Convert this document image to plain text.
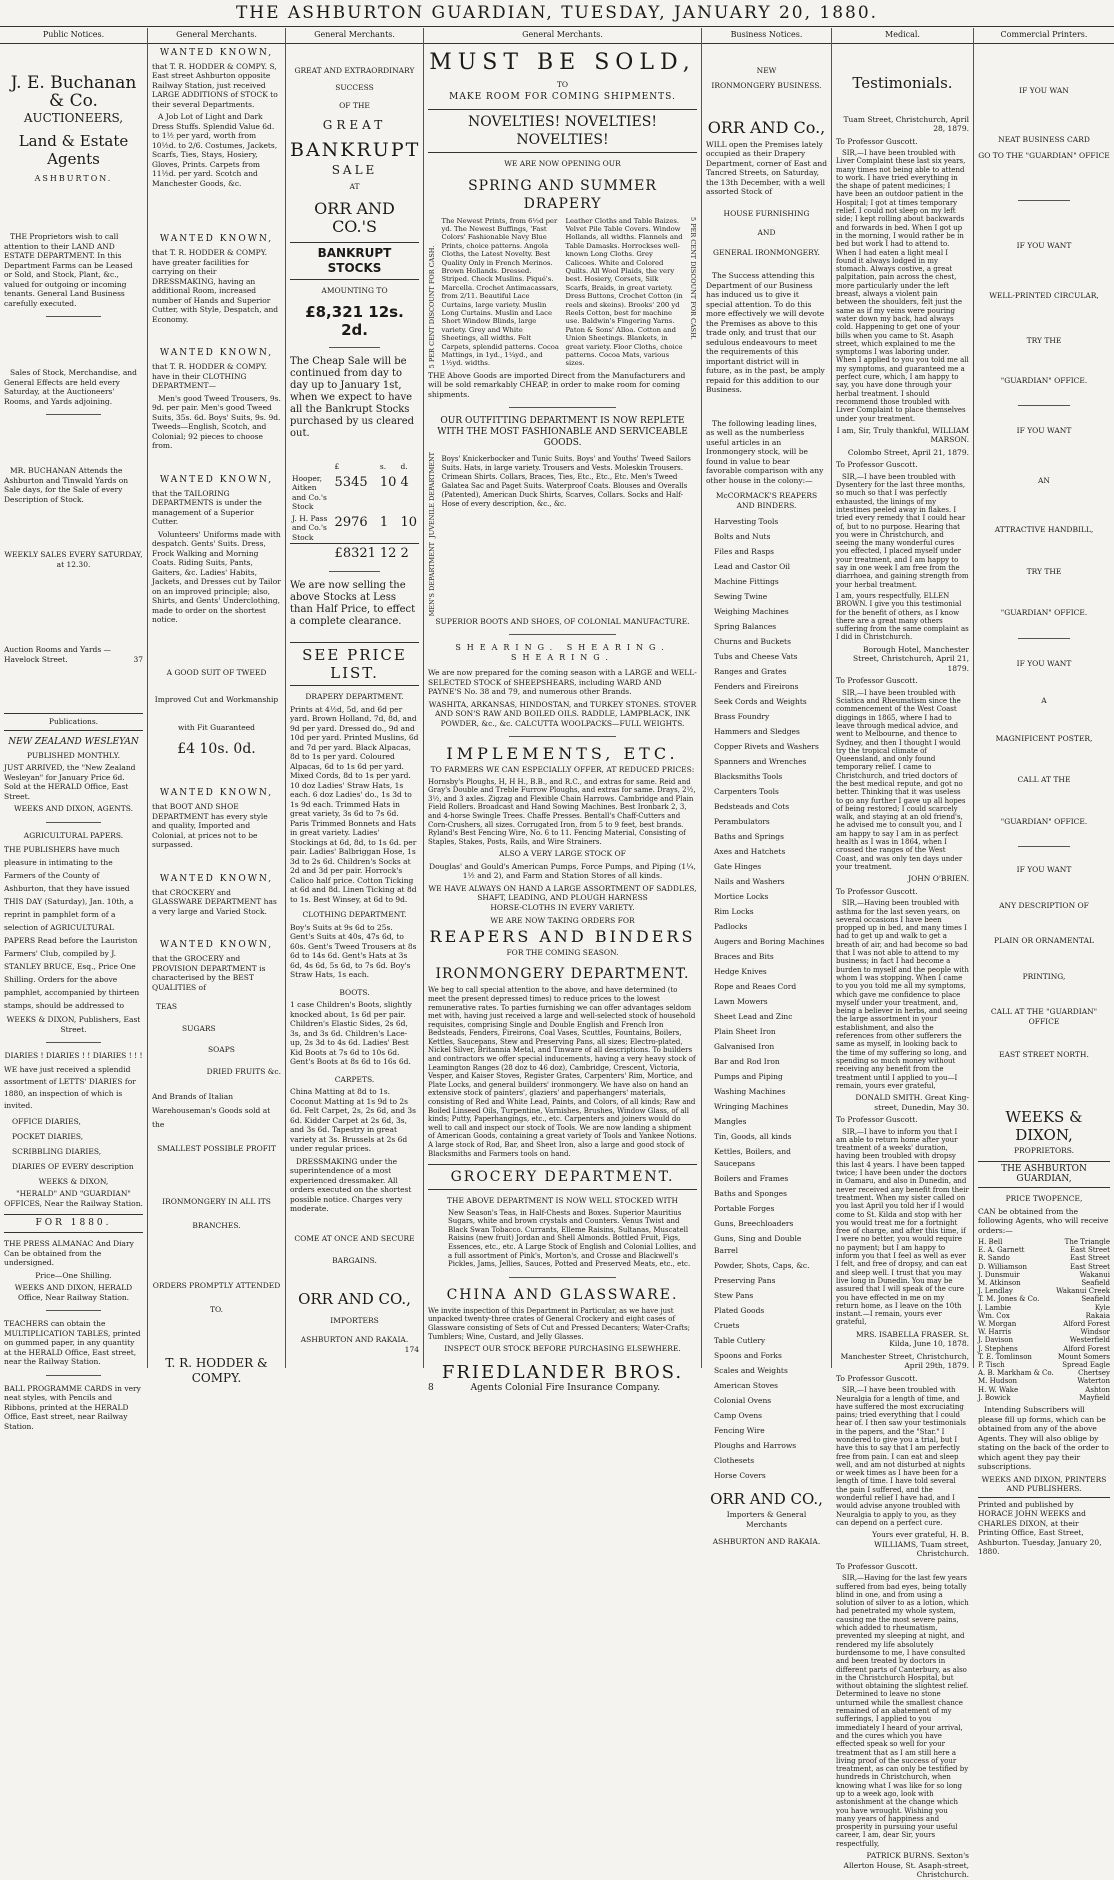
THE ASHBURTON GUARDIAN, TUESDAY, JANUARY 20, 1880.
Public Notices.
J. E. Buchanan & Co.
AUCTIONEERS,
Land & Estate Agents
ASHBURTON.

THE Proprietors wish to call attention to their LAND AND ESTATE DEPARTMENT. In this Department Farms can be Leased or Sold, and Stock, Plant, &c., valued for outgoing or incoming tenants. General Land Business carefully executed.

Sales of Stock, Merchandise, and General Effects are held every Saturday, at the Auctioneers' Rooms, and Yards adjoining.

MR. BUCHANAN Attends the Ashburton and Tinwald Yards on Sale days, for the Sale of every Description of Stock.

WEEKLY SALES EVERY SATURDAY, at 12.30.

Auction Rooms and Yards — Havelock Street.	37

Publications.
NEW ZEALAND WESLEYAN
PUBLISHED MONTHLY.

JUST ARRIVED, the "New Zealand Wesleyan" for January Price 6d. Sold at the HERALD Office, East Street.

WEEKS AND DIXON, AGENTS.

AGRICULTURAL PAPERS.

THE PUBLISHERS have much pleasure in intimating to the Farmers of the County of Ashburton, that they have issued THIS DAY (Saturday), Jan. 10th, a reprint in pamphlet form of a selection of AGRICULTURAL PAPERS Read before the Lauriston Farmers' Club, compiled by J. STANLEY BRUCE, Esq., Price One Shilling. Orders for the above pamphlet, accompanied by thirteen stamps, should be addressed to

WEEKS & DIXON, Publishers, East Street.

DIARIES ! DIARIES ! ! DIARIES ! ! !

WE have just received a splendid assortment of LETTS' DIARIES for 1880, an inspection of which is invited.

OFFICE DIARIES,
POCKET DIARIES,
SCRIBBLING DIARIES,
DIARIES OF EVERY description

WEEKS & DIXON,

"HERALD" AND "GUARDIAN" OFFICES, Near the Railway Station.

FOR 1880.

THE PRESS ALMANAC And Diary Can be obtained from the undersigned.

Price—One Shilling.

WEEKS AND DIXON, HERALD Office, Near Railway Station.

TEACHERS can obtain the MULTIPLICATION TABLES, printed on gummed paper, in any quantity at the HERALD Office, East street, near the Railway Station.

BALL PROGRAMME CARDS in very neat styles, with Pencils and Ribbons, printed at the HERALD Office, East street, near Railway Station.

General Merchants.
WANTED KNOWN,

that T. R. HODDER & COMPY. S, East street Ashburton opposite Railway Station, just received LARGE ADDITIONS of STOCK to their several Departments.

A Job Lot of Light and Dark Dress Stuffs. Splendid Value 6d. to 1½ per yard, worth from 10½d. to 2/6. Costumes, Jackets, Scarfs, Ties, Stays, Hosiery, Gloves, Prints. Carpets from 11½d. per yard. Scotch and Manchester Goods, &c.

WANTED KNOWN,

that T. R. HODDER & COMPY. have greater facilities for carrying on their DRESSMAKING, having an additional Room, increased number of Hands and Superior Cutter, with Style, Despatch, and Economy.

WANTED KNOWN,

that T. R. HODDER & COMPY. have in their CLOTHING DEPARTMENT—

Men's good Tweed Trousers, 9s. 9d. per pair. Men's good Tweed Suits, 35s. 6d. Boys' Suits, 9s. 9d. Tweeds—English, Scotch, and Colonial; 92 pieces to choose from.

WANTED KNOWN,

that the TAILORING DEPARTMENTS is under the management of a Superior Cutter.

Volunteers' Uniforms made with despatch. Gents' Suits. Dress, Frock Walking and Morning Coats. Riding Suits, Pants, Gaiters, &c. Ladies' Habits, Jackets, and Dresses cut by Tailor on an improved principle; also, Shirts, and Gents' Underclothing, made to order on the shortest notice.

A GOOD SUIT OF TWEED
Improved Cut and Workmanship
with Fit Guaranteed
£4 10s. 0d.
WANTED KNOWN,

that BOOT AND SHOE DEPARTMENT has every style and quality, Imported and Colonial, at prices not to be surpassed.

WANTED KNOWN,

that CROCKERY and GLASSWARE DEPARTMENT has a very large and Varied Stock.

WANTED KNOWN,

that the GROCERY and PROVISION DEPARTMENT is characterised by the BEST QUALITIES of

TEAS
SUGARS
SOAPS
DRIED FRUITS &c.

And Brands of Italian Warehouseman's Goods sold at the

SMALLEST POSSIBLE PROFIT
IRONMONGERY IN ALL ITS BRANCHES.
ORDERS PROMPTLY ATTENDED TO.
T. R. HODDER & COMPY.
General Merchants.
GREAT AND EXTRAORDINARY
SUCCESS
OF THE
GREAT
BANKRUPT
SALE
AT
ORR AND CO.'S
BANKRUPT STOCKS
AMOUNTING TO
£8,321 12s. 2d.

The Cheap Sale will be continued from day to day up to January 1st, when we expect to have all the Bankrupt Stocks purchased by us cleared out.

	£	s.	d.
Hooper, Aitken and Co.'s Stock	5345	10	4
J. H. Pass and Co.'s Stock	2976	1	10
	£8321	12	2

We are now selling the above Stocks at Less than Half Price, to effect a complete clearance.

SEE PRICE LIST.
DRAPERY DEPARTMENT.

Prints at 4½d, 5d, and 6d per yard. Brown Holland, 7d, 8d, and 9d per yard. Dressed do., 9d and 10d per yard. Printed Muslins, 6d and 7d per yard. Black Alpacas, 8d to 1s per yard. Coloured Alpacas, 6d to 1s 6d per yard. Mixed Cords, 8d to 1s per yard. 10 doz Ladies' Straw Hats, 1s each. 6 doz Ladies' do., 1s 3d to 1s 9d each. Trimmed Hats in great variety, 3s 6d to 7s 6d. Paris Trimmed Bonnets and Hats in great variety. Ladies' Stockings at 6d, 8d, to 1s 6d. per pair. Ladies' Balbriggan Hose, 1s 3d to 2s 6d. Children's Socks at 2d and 3d per pair. Horrock's Calico half price. Cotton Ticking at 6d and 8d. Linen Ticking at 8d to 1s. Best Winsey, at 6d to 9d.

CLOTHING DEPARTMENT.

Boy's Suits at 9s 6d to 25s. Gent's Suits at 40s, 47s 6d, to 60s. Gent's Tweed Trousers at 8s 6d to 14s 6d. Gent's Hats at 3s 6d, 4s 6d, 5s 6d, to 7s 6d. Boy's Straw Hats, 1s each.

BOOTS.

1 case Children's Boots, slightly knocked about, 1s 6d per pair. Children's Elastic Sides, 2s 6d, 3s, and 3s 6d. Children's Lace-up, 2s 3d to 4s 6d. Ladies' Best Kid Boots at 7s 6d to 10s 6d. Gent's Boots at 8s 6d to 16s 6d.

CARPETS.

China Matting at 8d to 1s. Coconut Matting at 1s 9d to 2s 6d. Felt Carpet, 2s, 2s 6d, and 3s 6d. Kidder Carpet at 2s 6d, 3s, and 3s 6d. Tapestry in great variety at 3s. Brussels at 2s 6d under regular prices.

DRESSMAKING under the superintendence of a most experienced dressmaker. All orders executed on the shortest possible notice. Charges very moderate.

COME AT ONCE AND SECURE BARGAINS.
ORR AND CO.,
IMPORTERS
ASHBURTON AND RAKAIA.
174
General Merchants.
MUST BE SOLD,
TO
MAKE ROOM FOR COMING SHIPMENTS.
NOVELTIES! NOVELTIES! NOVELTIES!
WE ARE NOW OPENING OUR
SPRING AND SUMMER DRAPERY
5 PER CENT DISCOUNT FOR CASH.
The Newest Prints, from 6½d per yd. The Newest Buffings, 'Fast Colors' Fashionable Navy Blue Prints, choice patterns. Angola Cloths, the Latest Novelty. Best Quality Only in French Merinos. Brown Hollands. Dressed. Striped. Check Muslins. Piqué's. Marcella. Crochet Antimacassars, from 2/11. Beautiful Lace Curtains, large variety. Muslin Long Curtains. Muslin and Lace Short Window Blinds, large variety. Grey and White Sheetings, all widths. Felt Carpets, splendid patterns. Cocoa Mattings, in 1yd., 1¼yd., and 1½yd. widths.
Leather Cloths and Table Baizes. Velvet Pile Table Covers. Window Hollands, all widths. Flannels and Table Damasks. Horrockses well-known Long Cloths. Grey Calicoes. White and Colored Quilts. All Wool Plaids, the very best. Hosiery, Corsets, Silk Scarfs, Braids, in great variety. Dress Buttons, Crochet Cotton (in reels and skeins). Brooks' 200 yd Reels Cotton, best for machine use. Baldwin's Fingering Yarns. Paton & Sons' Alloa. Cotton and Union Sheetings. Blankets, in great variety. Floor Cloths, choice patterns. Cocoa Mats, various sizes.
5 PER CENT DISCOUNT FOR CASH.

THE Above Goods are imported Direct from the Manufacturers and will be sold remarkably CHEAP, in order to make room for coming shipments.

OUR OUTFITTING DEPARTMENT IS NOW REPLETE WITH THE MOST FASHIONABLE AND SERVICEABLE GOODS.
JUVENILE DEPARTMENT
MEN'S DEPARTMENT

Boys' Knickerbocker and Tunic Suits. Boys' and Youths' Tweed Sailors Suits. Hats, in large variety. Trousers and Vests. Moleskin Trousers. Crimean Shirts. Collars, Braces, Ties, Etc., Etc., Etc. Men's Tweed Galatea Sac and Paget Suits. Waterproof Coats. Blouses and Overalls (Patented), American Duck Shirts, Scarves, Collars. Socks and Half-Hose of every description, &c., &c.

SUPERIOR BOOTS AND SHOES, OF COLONIAL MANUFACTURE.
SHEARING. SHEARING. SHEARING.

We are now prepared for the coming season with a LARGE and WELL-SELECTED STOCK of SHEEPSHEARS, including WARD AND PAYNE'S No. 38 and 79, and numerous other Brands.

WASHITA, ARKANSAS, HINDOSTAN, and TURKEY STONES. STOVER AND SON'S RAW AND BOILED OILS. RADDLE, LAMPBLACK, INK POWDER, &c., &c. CALCUTTA WOOLPACKS—FULL WEIGHTS.

IMPLEMENTS, ETC.
TO FARMERS WE CAN ESPECIALLY OFFER, AT REDUCED PRICES:

Hornsby's Ploughs, H, H H., B.B., and R.C., and extras for same. Reid and Gray's Double and Treble Furrow Ploughs, and extras for same. Drays, 2½, 3½, and 3 axles. Zigzag and Flexible Chain Harrows. Cambridge and Plain Field Rollers. Broadcast and Hand Sowing Machines. Best Ironbark 2, 3, and 4-horse Swingle Trees. Chaffe Presses. Bentall's Chaff-Cutters and Corn-Crushers, all sizes. Corrugated Iron, from 5 to 9 feet, best brands. Ryland's Best Fencing Wire, No. 6 to 11. Fencing Material, Consisting of Staples, Stakes, Posts, Rails, and Wire Strainers.

ALSO A VERY LARGE STOCK OF

Douglas' and Gould's American Pumps, Force Pumps, and Piping (1¼, 1½ and 2), and Farm and Station Stores of all kinds.

WE HAVE ALWAYS ON HAND A LARGE ASSORTMENT OF SADDLES, SHAFT, LEADING, AND PLOUGH HARNESS
HORSE-CLOTHS IN EVERY VARIETY.
WE ARE NOW TAKING ORDERS FOR
REAPERS AND BINDERS
FOR THE COMING SEASON.
IRONMONGERY DEPARTMENT.

We beg to call special attention to the above, and have determined (to meet the present depressed times) to reduce prices to the lowest remunerative rates. To parties furnishing we can offer advantages seldom met with, having just received a large and well-selected stock of household requisites, comprising Single and Double English and French Iron Bedsteads, Fenders, Fireirons, Coal Vases, Scuttles, Fountains, Boilers, Kettles, Saucepans, Stew and Preserving Pans, all sizes; Electro-plated, Nickel Silver, Britannia Metal, and Tinware of all descriptions. To builders and contractors we offer special inducements, having a very heavy stock of Leamington Ranges (28 doz to 46 doz), Cambridge, Crescent, Victoria, Vesper, and Kaiser Stoves, Register Grates, Carpenters' Rim, Mortice, and Plate Locks, and general builders' ironmongery. We have also on hand an extensive stock of painters', glaziers' and paperhangers' materials, consisting of Red and White Lead, Paints, and Colors, of all kinds; Raw and Boiled Linseed Oils, Turpentine, Varnishes, Brushes, Window Glass, of all kinds; Putty, Paperhangings, etc., etc. Carpenters and joiners would do well to call and inspect our stock of Tools. We are now landing a shipment of American Goods, containing a great variety of Tools and Yankee Notions. A large stock of Rod, Bar, and Sheet Iron, also a large and good stock of Blacksmiths and Farmers tools on hand.

GROCERY DEPARTMENT.
THE ABOVE DEPARTMENT IS NOW WELL STOCKED WITH

New Season's Teas, in Half-Chests and Boxes. Superior Mauritius Sugars, white and brown crystals and Counters. Venus Twist and Black Swan Tobacco. Currants, Elleme Raisins, Sultanas, Muscatell Raisins (new fruit) Jordan and Shell Almonds. Bottled Fruit, Figs, Essences, etc., etc. A Large Stock of English and Colonial Lollies, and a full assortment of Pink's, Morton's, and Crosse and Blackwell's Pickles, Jams, Jellies, Sauces, Potted and Preserved Meats, etc., etc.

CHINA AND GLASSWARE.

We invite inspection of this Department in Particular, as we have just unpacked twenty-three crates of General Crockery and eight cases of Glassware consisting of Sets of Cut and Pressed Decanters; Water-Crafts; Tumblers; Wine, Custard, and Jelly Glasses.

INSPECT OUR STOCK BEFORE PURCHASING ELSEWHERE.
FRIEDLANDER BROS.
8	Agents Colonial Fire Insurance Company.
Business Notices.
NEW
IRONMONGERY BUSINESS.
ORR AND Co.,

WILL open the Premises lately occupied as their Drapery Department, corner of East and Tancred Streets, on Saturday, the 13th December, with a well assorted Stock of

HOUSE FURNISHING
AND
GENERAL IRONMONGERY.

The Success attending this Department of our Business has induced us to give it special attention. To do this more effectively we will devote the Premises as above to this trade only, and trust that our sedulous endeavours to meet the requirements of this important district will in future, as in the past, be amply repaid for this addition to our Business.

The following leading lines, as well as the numberless useful articles in an Ironmongery stock, will be found in value to bear favorable comparison with any other house in the colony:—

McCORMACK'S REAPERS AND BINDERS.
Harvesting Tools
Bolts and Nuts
Files and Rasps
Lead and Castor Oil
Machine Fittings
Sewing Twine
Weighing Machines
Spring Balances
Churns and Buckets
Tubs and Cheese Vats
Ranges and Grates
Fenders and Fireirons
Seek Cords and Weights
Brass Foundry
Hammers and Sledges
Copper Rivets and Washers
Spanners and Wrenches
Blacksmiths Tools
Carpenters Tools
Bedsteads and Cots
Perambulators
Baths and Springs
Axes and Hatchets
Gate Hinges
Nails and Washers
Mortice Locks
Rim Locks
Padlocks
Augers and Boring Machines
Braces and Bits
Hedge Knives
Rope and Reaes Cord
Lawn Mowers
Sheet Lead and Zinc
Plain Sheet Iron
Galvanised Iron
Bar and Rod Iron
Pumps and Piping
Washing Machines
Wringing Machines
Mangles
Tin, Goods, all kinds
Kettles, Boilers, and Saucepans
Boilers and Frames
Baths and Sponges
Portable Forges
Guns, Breechloaders
Guns, Sing and Double Barrel
Powder, Shots, Caps, &c.
Preserving Pans
Stew Pans
Plated Goods
Cruets
Table Cutlery
Spoons and Forks
Scales and Weights
American Stoves
Colonial Ovens
Camp Ovens
Fencing Wire
Ploughs and Harrows
Clothesets
Horse Covers
ORR AND CO.,
Importers & General Merchants
ASHBURTON AND RAKAIA.
Medical.
Testimonials.

Tuam Street, Christchurch, April 28, 1879.

To Professor Guscott.

SIR,—I have been troubled with Liver Complaint these last six years, many times not being able to attend to work. I have tried everything in the shape of patent medicines; I have been an outdoor patient in the Hospital; I got at times temporary relief. I could not sleep on my left side; I kept rolling about backwards and forwards in bed. When I got up in the morning, I would rather be in bed but work I had to attend to. When I had eaten a light meal I found it always lodged in my stomach. Always costive, a great palpitation, pain across the chest, more particularly under the left breast, always a violent pain between the shoulders, felt just the same as if my veins were pouring water down my back, had always cold. Happening to get one of your bills when you came to St. Asaph street, which explained to me the symptoms I was laboring under. When I applied to you you told me all my symptoms, and guaranteed me a perfect cure, which, I am happy to say, you have done through your herbal treatment. I should recommend those troubled with Liver Complaint to place themselves under your treatment.

I am, Sir, Truly thankful, WILLIAM MARSON.

Colombo Street, April 21, 1879.

To Professor Guscott.

SIR,—I have been troubled with Dysentery for the last three months, so much so that I was perfectly exhausted, the linings of my intestines peeled away in flakes. I tried every remedy that I could hear of, but to no purpose. Hearing that you were in Christchurch, and seeing the many wonderful cures you effected, I placed myself under your treatment, and I am happy to say in one week I am free from the diarrhoea, and gaining strength from your herbal treatment.

I am, yours respectfully, ELLEN BROWN. I give you this testimonial for the benefit of others, as I know there are a great many others suffering from the same complaint as I did in Christchurch.

Borough Hotel, Manchester Street, Christchurch, April 21, 1879.

To Professor Guscott.

SIR,—I have been troubled with Sciatica and Rheumatism since the commencement of the West Coast diggings in 1865, where I had to leave through medical advice, and went to Melbourne, and thence to Sydney, and then I thought I would try the tropical climate of Queensland, and only found temporary relief. I came to Christchurch, and tried doctors of the best medical repute, and got no better. Thinking that it was useless to go any further I gave up all hopes of being restored; I could scarcely walk, and staying at an old friend's, he advised me to consult you, and I am happy to say I am in as perfect health as I was in 1864, when I crossed the ranges of the West Coast, and was only ten days under your treatment.

JOHN O'BRIEN.

To Professor Guscott.

SIR,—Having been troubled with asthma for the last seven years, on several occasions I have been propped up in bed, and many times I had to get up and walk to get a breath of air, and had become so bad that I was not able to attend to my business; in fact I had become a burden to myself and the people with whom I was stopping. When I came to you you told me all my symptoms, which gave me confidence to place myself under your treatment, and, being a believer in herbs, and seeing the large assortment in your establishment, and also the references from other sufferers the same as myself, in looking back to the time of my suffering so long, and spending so much money without receiving any benefit from the treatment until I applied to you—I remain, yours ever grateful,

DONALD SMITH. Great King-street, Dunedin, May 30.

To Professor Guscott.

SIR,—I have to inform you that I am able to return home after your treatment of a weeks' duration, having been troubled with dropsy this last 4 years. I have been tapped twice; I have been under the doctors in Oamaru, and also in Dunedin, and never received any benefit from their treatment. When my sister called on you last April you told her if I would come to St. Kilda and stop with her you would treat me for a fortnight free of charge, and after this time, if I were no better, you would require no payment; but I am happy to inform you that I feel as well as ever I felt, and free of dropsy, and can eat and sleep well. I trust that you may live long in Dunedin. You may be assured that I will speak of the cure you have effected in me on my return home, as I leave on the 10th instant.—I remain, yours ever grateful,

MRS. ISABELLA FRASER. St. Kilda, June 10, 1878.

Manchester Street, Christchurch, April 29th, 1879.

To Professor Guscott.

SIR,—I have been troubled with Neuralgia for a length of time, and have suffered the most excruciating pains; tried everything that I could hear of. I then saw your testimonials in the papers, and the "Star." I wondered to give you a trial, but I have this to say that I am perfectly free from pain. I can eat and sleep well, and am not disturbed at nights or week times as I have been for a length of time. I have told several the pain I suffered, and the wonderful relief I have had, and I would advise anyone troubled with Neuralgia to apply to you, as they can depend on a perfect cure.

Yours ever grateful, H. B. WILLIAMS, Tuam street, Christchurch.

To Professor Guscott.

SIR,—Having for the last few years suffered from bad eyes, being totally blind in one, and from using a solution of silver to as a lotion, which had penetrated my whole system, causing me the most severe pains, which added to rheumatism, prevented my sleeping at night, and rendered my life absolutely burdensome to me, I have consulted and been treated by doctors in different parts of Canterbury, as also in the Christchurch Hospital, but without obtaining the slightest relief. Determined to leave no stone unturned while the smallest chance remained of an abatement of my sufferings, I applied to you immediately I heard of your arrival, and the cures which you have effected speak so well for your treatment that as I am still here a living proof of the success of your treatment, as can only be testified by hundreds in Christchurch, when knowing what I was like for so long up to a week ago, look with astonishment at the change which you have wrought. Wishing you many years of happiness and prosperity in pursuing your useful career, I am, dear Sir, yours respectfully,

PATRICK BURNS. Sexton's Allerton House, St. Asaph-street, Christchurch.

Commercial Printers.
IF YOU WAN
NEAT BUSINESS CARD
GO TO THE "GUARDIAN" OFFICE
IF YOU WANT
WELL-PRINTED CIRCULAR,
TRY THE
"GUARDIAN" OFFICE.
IF YOU WANT
AN
ATTRACTIVE HANDBILL,
TRY THE
"GUARDIAN" OFFICE.
IF YOU WANT
A
MAGNIFICENT POSTER,
CALL AT THE
"GUARDIAN" OFFICE.
IF YOU WANT
ANY DESCRIPTION OF
PLAIN OR ORNAMENTAL
PRINTING,
CALL AT THE "GUARDIAN" OFFICE
EAST STREET NORTH.
WEEKS & DIXON,
PROPRIETORS.
THE ASHBURTON GUARDIAN,
PRICE TWOPENCE,

CAN be obtained from the following Agents, who will receive orders:—

H. Bell	The Triangle
E. A. Garnett	East Street
R. Sando	East Street
D. Williamson	East Street
J. Dunsmuir	Wakanui
M. Atkinson	Seafield
J. Lendlay	Wakanui Creek
T. M. Jones & Co.	Seafield
J. Lambie	Kyle
Wm. Cox	Rakaia
W. Morgan	Alford Forest
W. Harris	Windsor
J. Davison	Westerfield
J. Stephens	Alford Forest
T. E. Tomlinson	Mount Somers
P. Tisch	Spread Eagle
A. B. Markham & Co.	Chertsey
M. Hudson	Waterton
H. W. Wake	Ashton
J. Bowick	Mayfield

Intending Subscribers will please fill up forms, which can be obtained from any of the above Agents. They will also oblige by stating on the back of the order to which agent they pay their subscriptions.

WEEKS AND DIXON, PRINTERS AND PUBLISHERS.

Printed and published by HORACE JOHN WEEKS and CHARLES DIXON, at their Printing Office, East Street, Ashburton. Tuesday, January 20, 1880.
